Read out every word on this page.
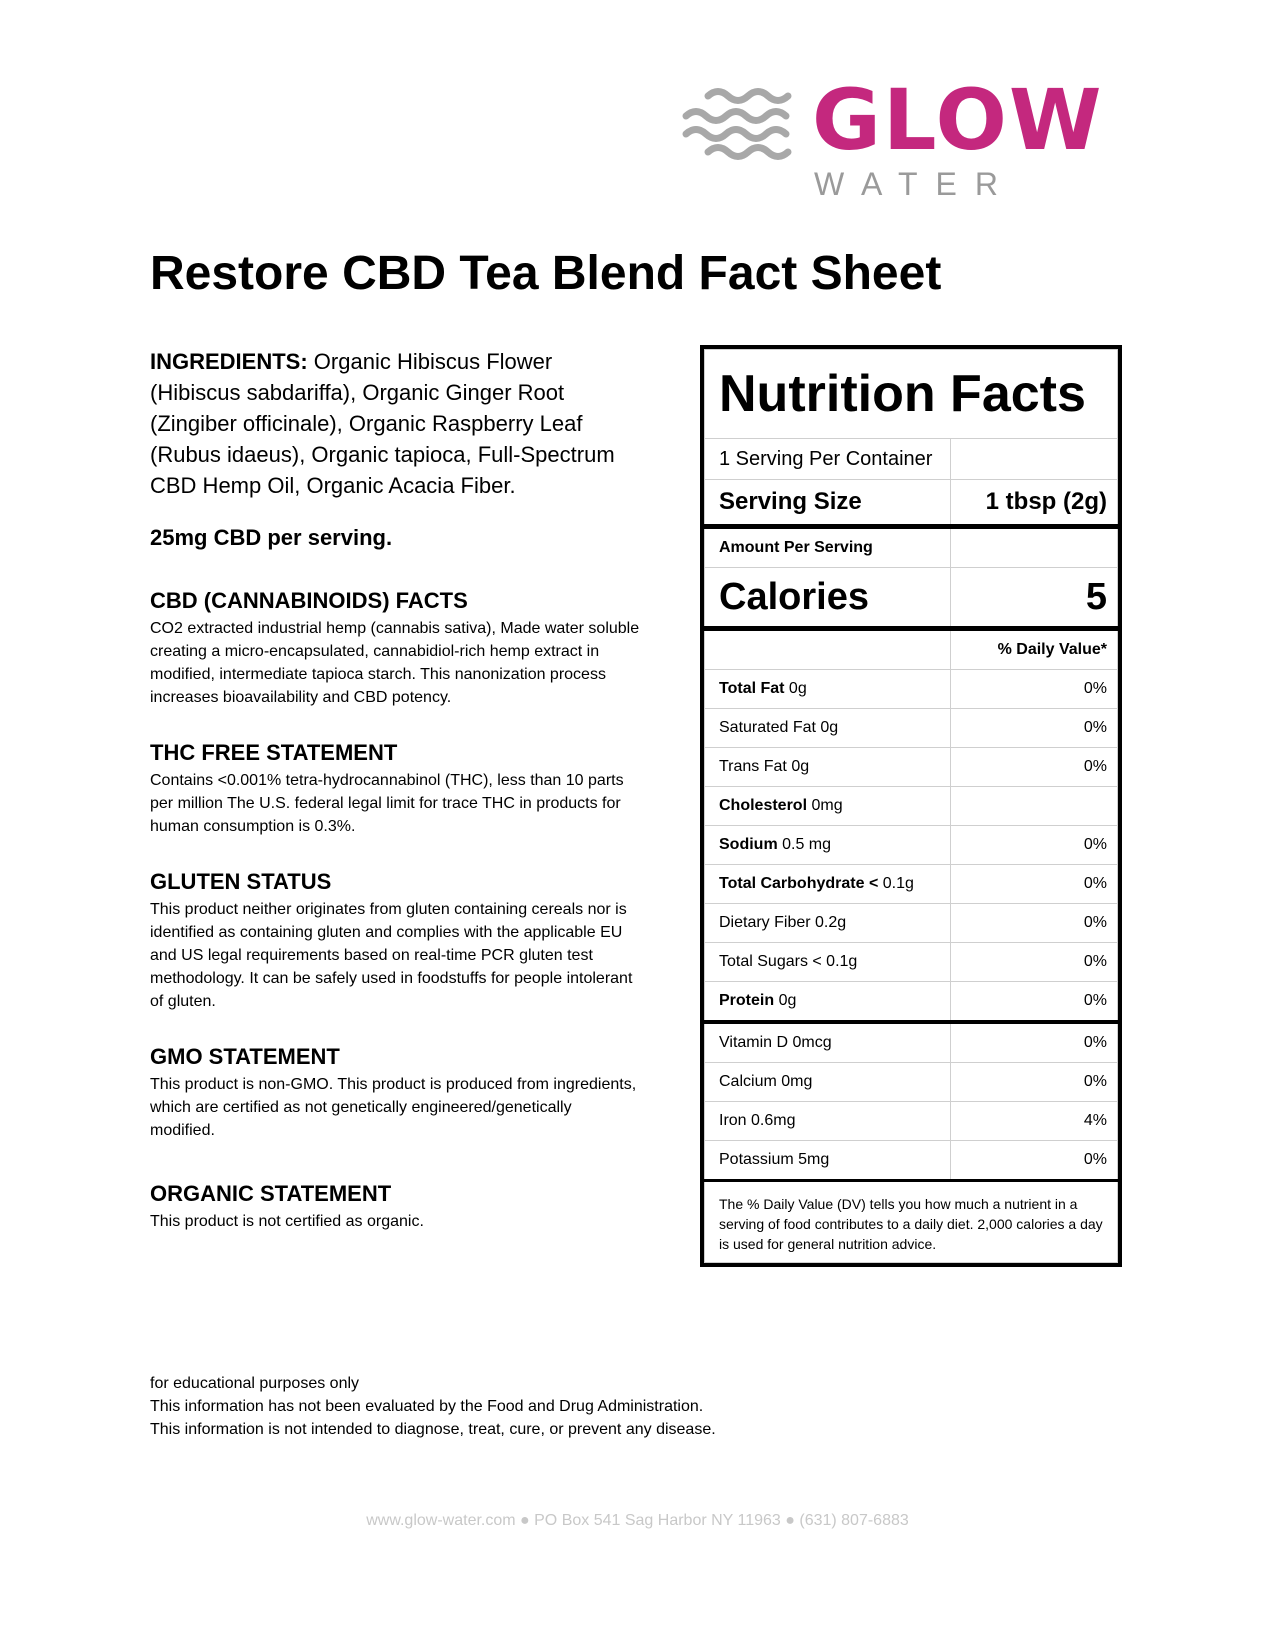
GLOW
WATER
Restore CBD Tea Blend Fact Sheet

INGREDIENTS: Organic Hibiscus Flower (Hibiscus sabdariffa), Organic Ginger Root (Zingiber officinale), Organic Raspberry Leaf (Rubus idaeus), Organic tapioca, Full-Spectrum CBD Hemp Oil, Organic Acacia Fiber.

25mg CBD per serving.

CBD (CANNABINOIDS) FACTS

CO2 extracted industrial hemp (cannabis sativa), Made water soluble creating a micro-encapsulated, cannabidiol-rich hemp extract in modified, intermediate tapioca starch. This nanonization process increases bioavailability and CBD potency.

THC FREE STATEMENT

Contains <0.001% tetra-hydrocannabinol (THC), less than 10 parts per million The U.S. federal legal limit for trace THC in products for human consumption is 0.3%.

GLUTEN STATUS

This product neither originates from gluten containing cereals nor is identified as containing gluten and complies with the applicable EU and US legal requirements based on real-time PCR gluten test methodology. It can be safely used in foodstuffs for people intolerant of gluten.

GMO STATEMENT

This product is non-GMO. This product is produced from ingredients, which are certified as not genetically engineered/genetically modified.

ORGANIC STATEMENT

This product is not certified as organic.

Nutrition Facts	
1 Serving Per Container	
Serving Size	1 tbsp (2g)
Amount Per Serving	
Calories	5
	% Daily Value*
Total Fat 0g	0%
Saturated Fat 0g	0%
Trans Fat 0g	0%
Cholesterol 0mg	
Sodium 0.5 mg	0%
Total Carbohydrate < 0.1g	0%
Dietary Fiber 0.2g	0%
Total Sugars < 0.1g	0%
Protein 0g	0%
Vitamin D 0mcg	0%
Calcium 0mg	0%
Iron 0.6mg	4%
Potassium 5mg	0%
The % Daily Value (DV) tells you how much a nutrient in a serving of food contributes to a daily diet. 2,000 calories a day is used for general nutrition advice.	

for educational purposes only

This information has not been evaluated by the Food and Drug Administration.

This information is not intended to diagnose, treat, cure, or prevent any disease.

www.glow-water.com ● PO Box 541 Sag Harbor NY 11963 ● (631) 807-6883
